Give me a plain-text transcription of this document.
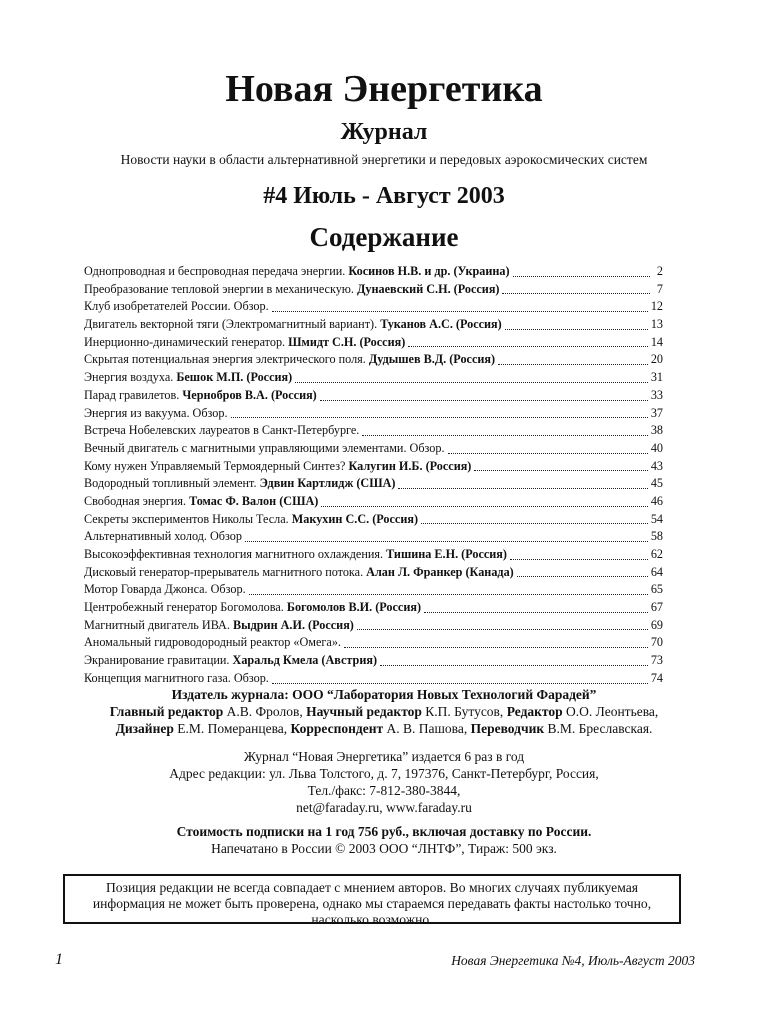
Новая Энергетика
Журнал
Новости науки в области альтернативной энергетики и передовых аэрокосмических систем
#4 Июль - Август 2003
Содержание
Однопроводная и беспроводная передача энергии. Косинов Н.В. и др. (Украина)	2
Преобразование тепловой энергии в механическую. Дунаевский С.Н. (Россия)	7
Клуб изобретателей России. Обзор.	12
Двигатель векторной тяги (Электромагнитный вариант). Туканов А.С. (Россия)	13
Инерционно-динамический генератор. Шмидт С.Н. (Россия)	14
Скрытая потенциальная энергия электрического поля. Дудышев В.Д. (Россия)	20
Энергия воздуха. Бешок М.П. (Россия)	31
Парад гравилетов. Чернобров В.А. (Россия)	33
Энергия из вакуума. Обзор.	37
Встреча Нобелевских лауреатов в Санкт-Петербурге.	38
Вечный двигатель с магнитными управляющими элементами. Обзор.	40
Кому нужен Управляемый Термоядерный Синтез? Калугин И.Б. (Россия)	43
Водородный топливный элемент. Эдвин Картлидж (США)	45
Свободная энергия. Томас Ф. Валон (США)	46
Секреты экспериментов Николы Тесла. Макухин С.С. (Россия)	54
Альтернативный холод. Обзор	58
Высокоэффективная технология магнитного охлаждения. Тишина Е.Н. (Россия)	62
Дисковый генератор-прерыватель магнитного потока. Алан Л. Франкер (Канада)	64
Мотор Говарда Джонса. Обзор.	65
Центробежный генератор Богомолова. Богомолов В.И. (Россия)	67
Магнитный двигатель ИВА. Выдрин А.И. (Россия)	69
Аномальный гидроводородный реактор «Омега».	70
Экранирование гравитации. Харальд Кмела (Австрия)	73
Концепция магнитного газа. Обзор.	74
Издатель журнала: ООО “Лаборатория Новых Технологий Фарадей”
Главный редактор А.В. Фролов, Научный редактор К.П. Бутусов, Редактор О.О. Леонтьева,
Дизайнер Е.М. Померанцева, Корреспондент А. В. Пашова, Переводчик В.М. Бреславская.
Журнал “Новая Энергетика” издается 6 раз в год
Адрес редакции: ул. Льва Толстого, д. 7, 197376, Санкт-Петербург, Россия,
Тел./факс: 7-812-380-3844,
net@faraday.ru, www.faraday.ru
Стоимость подписки на 1 год 756 руб., включая доставку по России.
Напечатано в России © 2003 ООО “ЛНТФ”, Тираж: 500 экз.
Позиция редакции не всегда совпадает с мнением авторов. Во многих случаях публикуемая информация не может быть проверена, однако мы стараемся передавать факты настолько точно, насколько возможно.
1	Новая Энергетика №4, Июль-Август 2003
